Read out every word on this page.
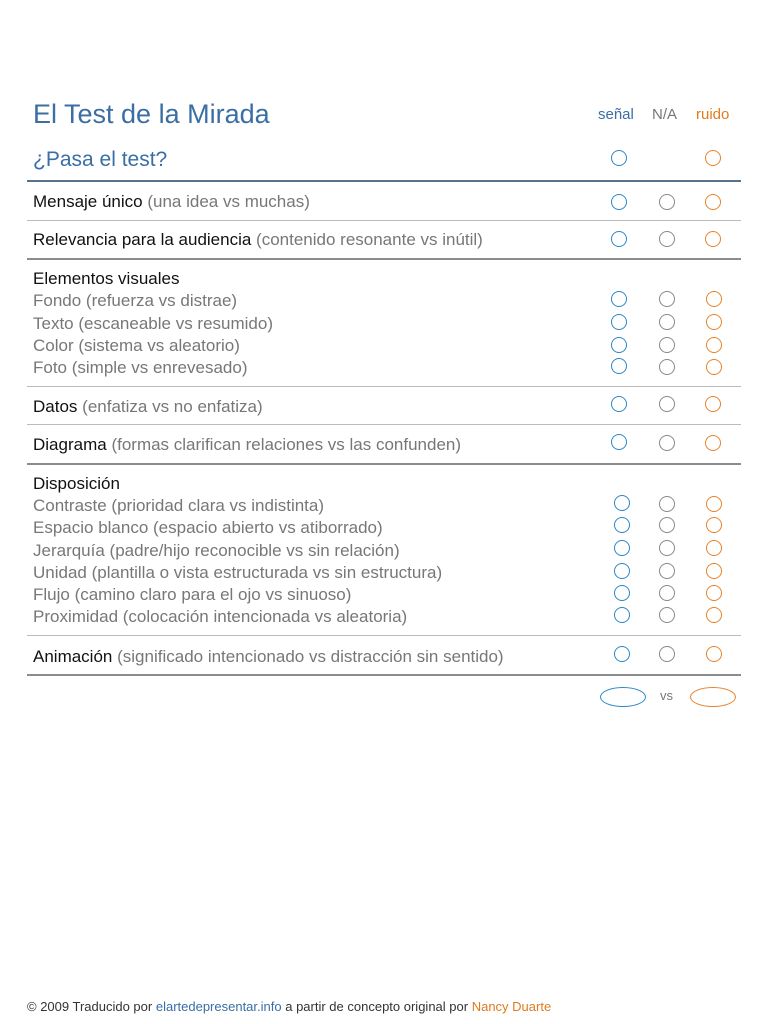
El Test de la Mirada	señal N/A ruido
¿Pasa el test?
Mensaje único (una idea vs muchas)
Relevancia para la audiencia (contenido resonante vs inútil)
Elementos visuales
Fondo (refuerza vs distrae)
Texto (escaneable vs resumido)
Color (sistema vs aleatorio)
Foto (simple vs enrevesado)
Datos (enfatiza vs no enfatiza)
Diagrama (formas clarifican relaciones vs las confunden)
Disposición
Contraste (prioridad clara vs indistinta)
Espacio blanco (espacio abierto vs atiborrado)
Jerarquía (padre/hijo reconocible vs sin relación)
Unidad (plantilla o vista estructurada vs sin estructura)
Flujo (camino claro para el ojo vs sinuoso)
Proximidad (colocación intencionada vs aleatoria)
Animación (significado intencionado vs distracción sin sentido)
vs
© 2009 Traducido por elartedepresentar.info a partir de concepto original por Nancy Duarte
